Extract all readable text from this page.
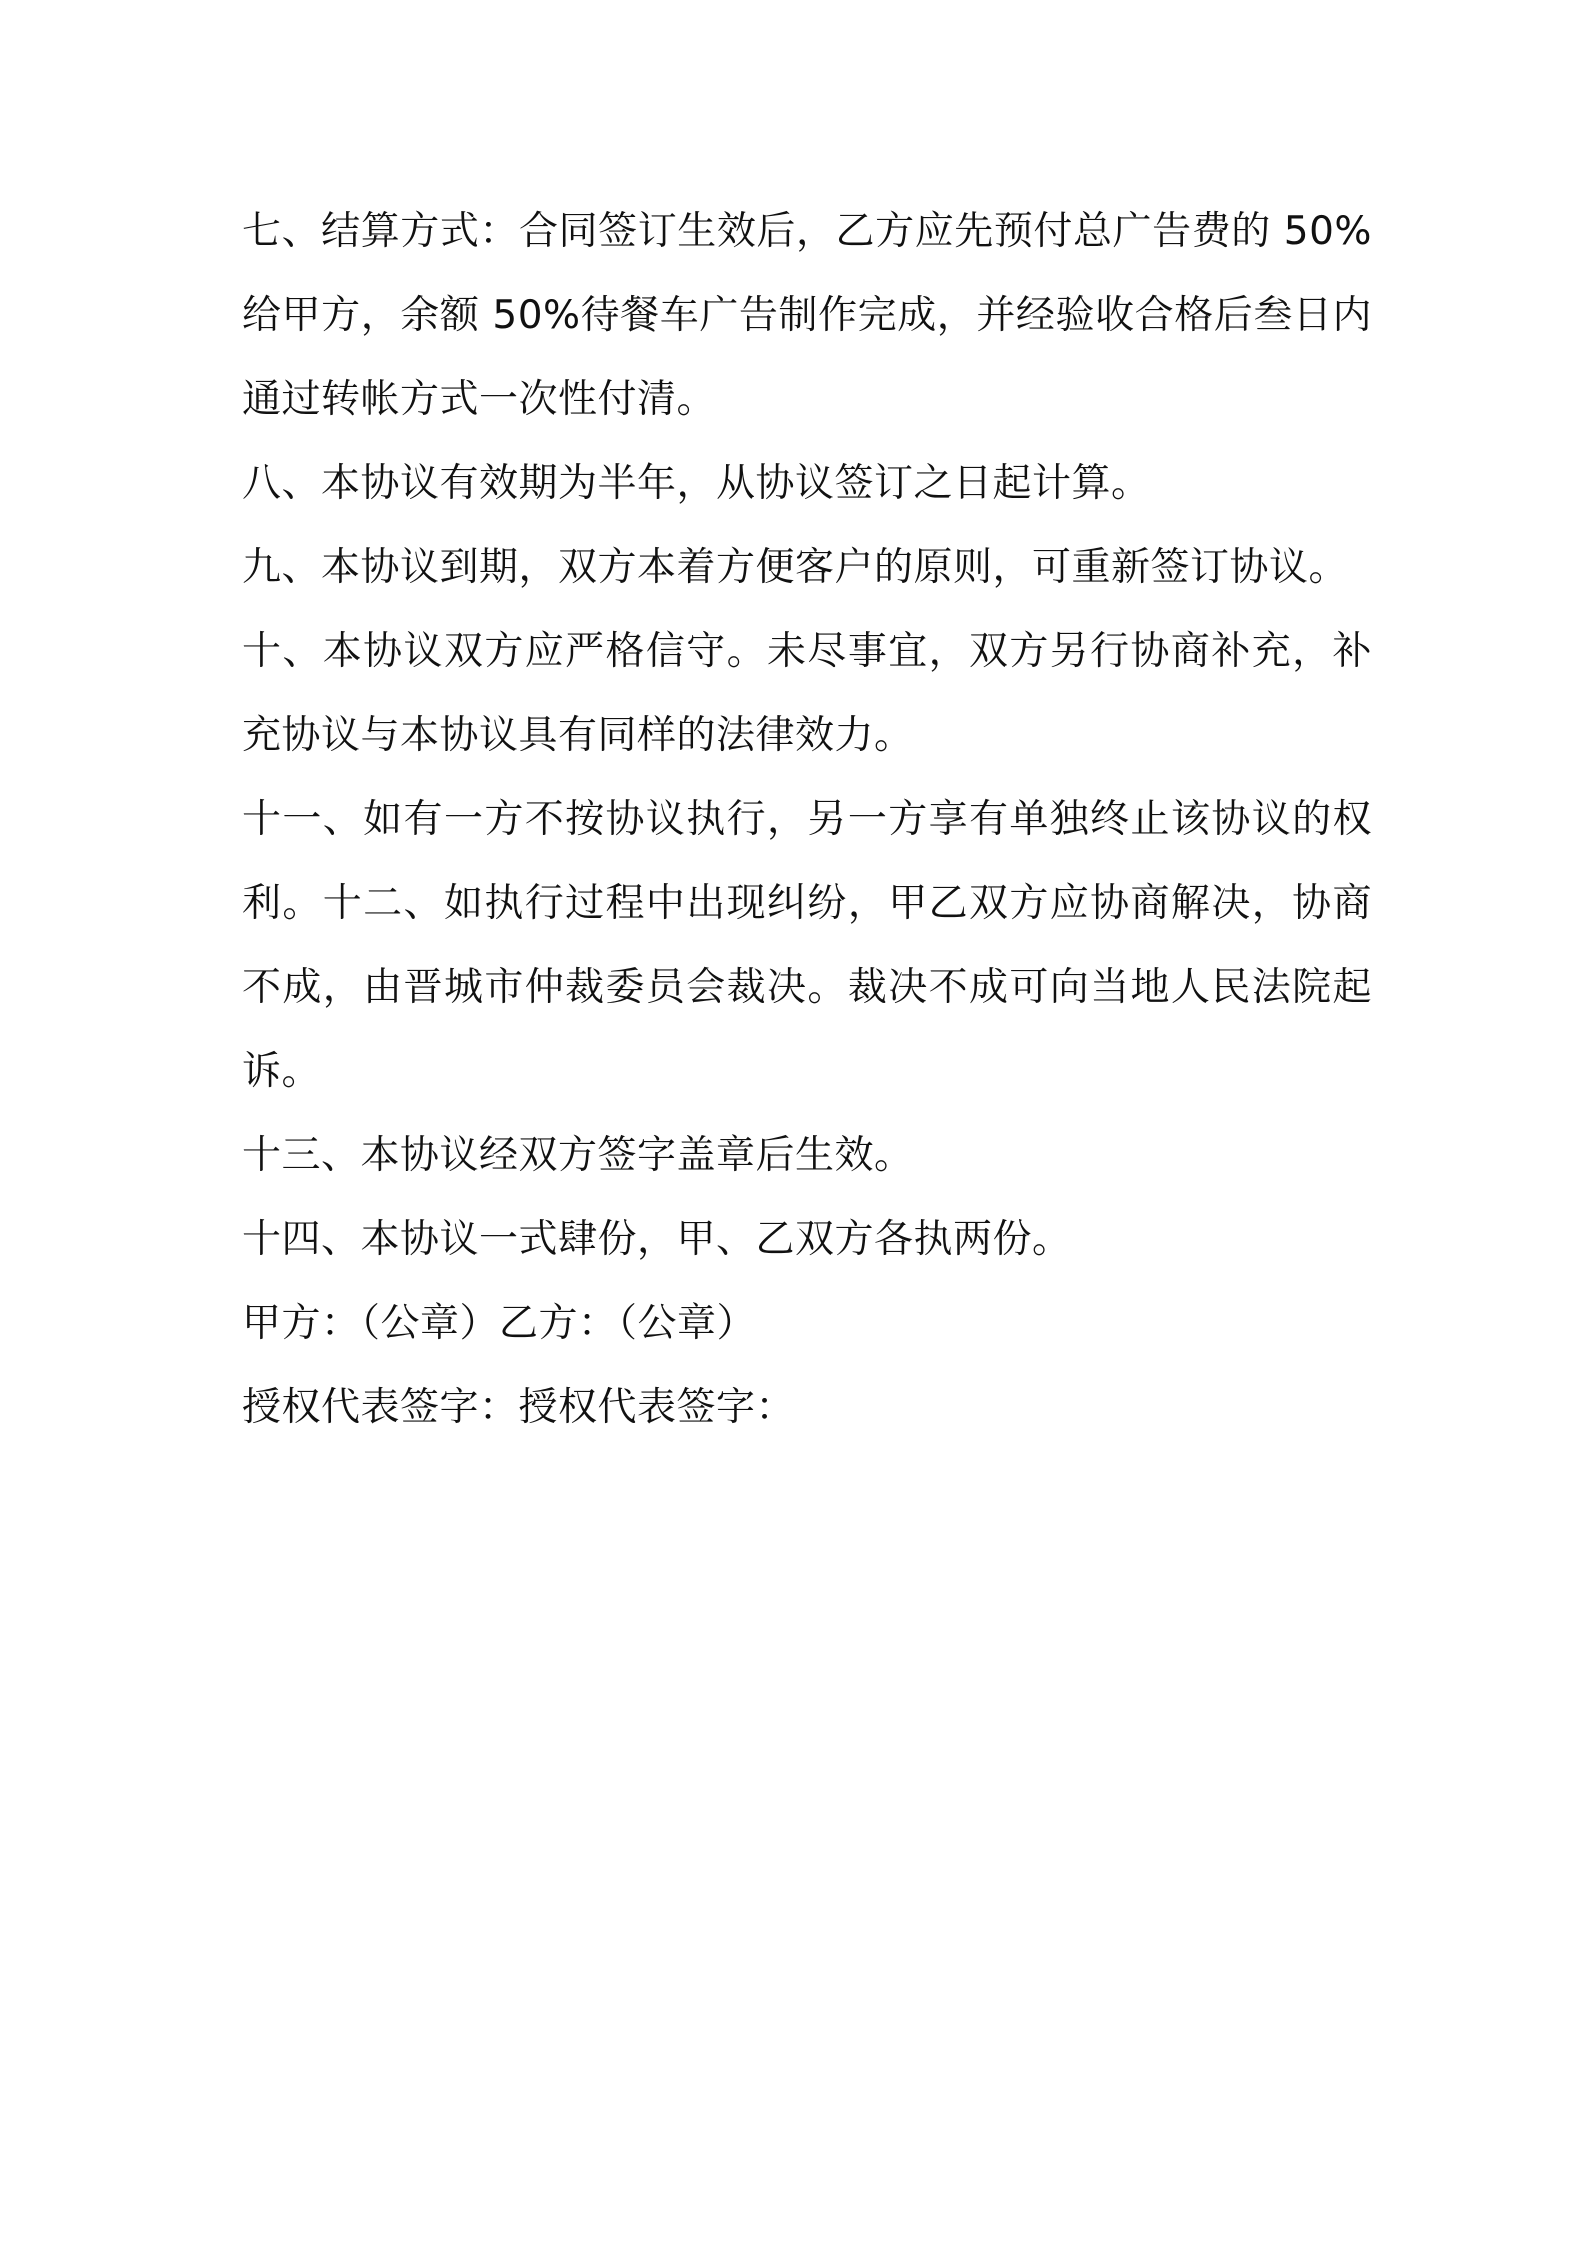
七、结算方式：合同签订生效后，乙方应先预付总广告费的 50%给甲方，余额 50%待餐车广告制作完成，并经验收合格后叁日内通过转帐方式一次性付清。

八、本协议有效期为半年，从协议签订之日起计算。

九、本协议到期，双方本着方便客户的原则，可重新签订协议。

十、本协议双方应严格信守。未尽事宜，双方另行协商补充，补充协议与本协议具有同样的法律效力。

十一、如有一方不按协议执行，另一方享有单独终止该协议的权利。十二、如执行过程中出现纠纷，甲乙双方应协商解决，协商不成，由晋城市仲裁委员会裁决。裁决不成可向当地人民法院起诉。

十三、本协议经双方签字盖章后生效。

十四、本协议一式肆份，甲、乙双方各执两份。

甲方：（公章）乙方：（公章）

授权代表签字：授权代表签字：
